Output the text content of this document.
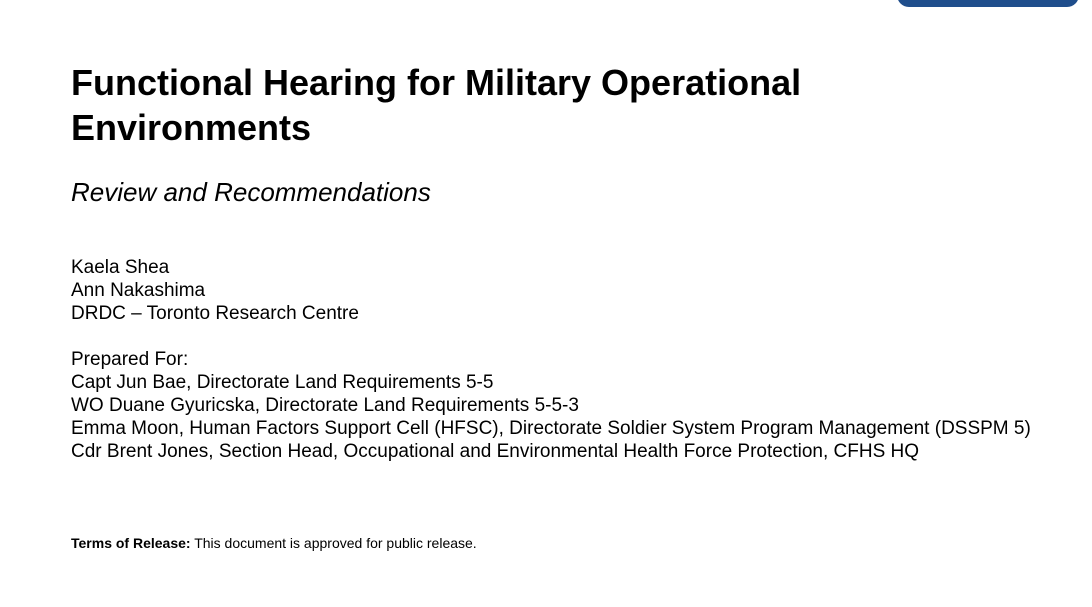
Functional Hearing for Military Operational Environments
Review and Recommendations
Kaela Shea
Ann Nakashima
DRDC – Toronto Research Centre
Prepared For:
Capt Jun Bae, Directorate Land Requirements 5-5
WO Duane Gyuricska, Directorate Land Requirements 5-5-3
Emma Moon, Human Factors Support Cell (HFSC), Directorate Soldier System Program Management (DSSPM 5)
Cdr Brent Jones, Section Head, Occupational and Environmental Health Force Protection, CFHS HQ
Terms of Release: This document is approved for public release.
